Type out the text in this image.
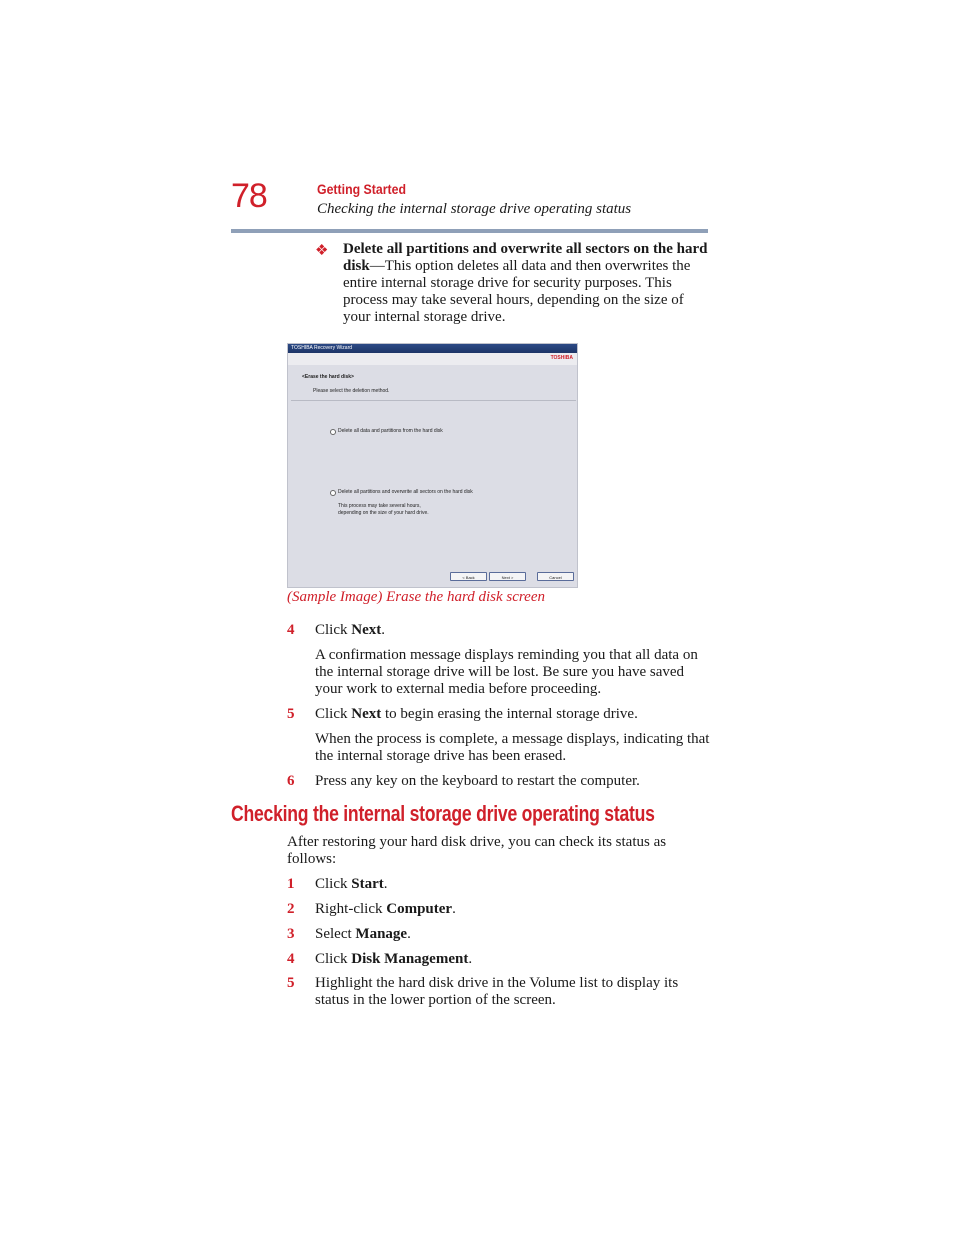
78	Getting Started
Checking the internal storage drive operating status
❖ Delete all partitions and overwrite all sectors on the hard disk—This option deletes all data and then overwrites the entire internal storage drive for security purposes. This process may take several hours, depending on the size of your internal storage drive.
TOSHIBA Recovery Wizard
TOSHIBA
<Erase the hard disk>
Please select the deletion method.
Delete all data and partitions from the hard disk
Delete all partitions and overwrite all sectors on the hard disk
This process may take several hours,
depending on the size of your hard drive.
< Back	Next >	Cancel
(Sample Image) Erase the hard disk screen
4	Click Next.
A confirmation message displays reminding you that all data on the internal storage drive will be lost. Be sure you have saved your work to external media before proceeding.
5	Click Next to begin erasing the internal storage drive.
When the process is complete, a message displays, indicating that the internal storage drive has been erased.
6	Press any key on the keyboard to restart the computer.
Checking the internal storage drive operating status
After restoring your hard disk drive, you can check its status as follows:
1	Click Start.
2	Right-click Computer.
3	Select Manage.
4	Click Disk Management.
5	Highlight the hard disk drive in the Volume list to display its status in the lower portion of the screen.
